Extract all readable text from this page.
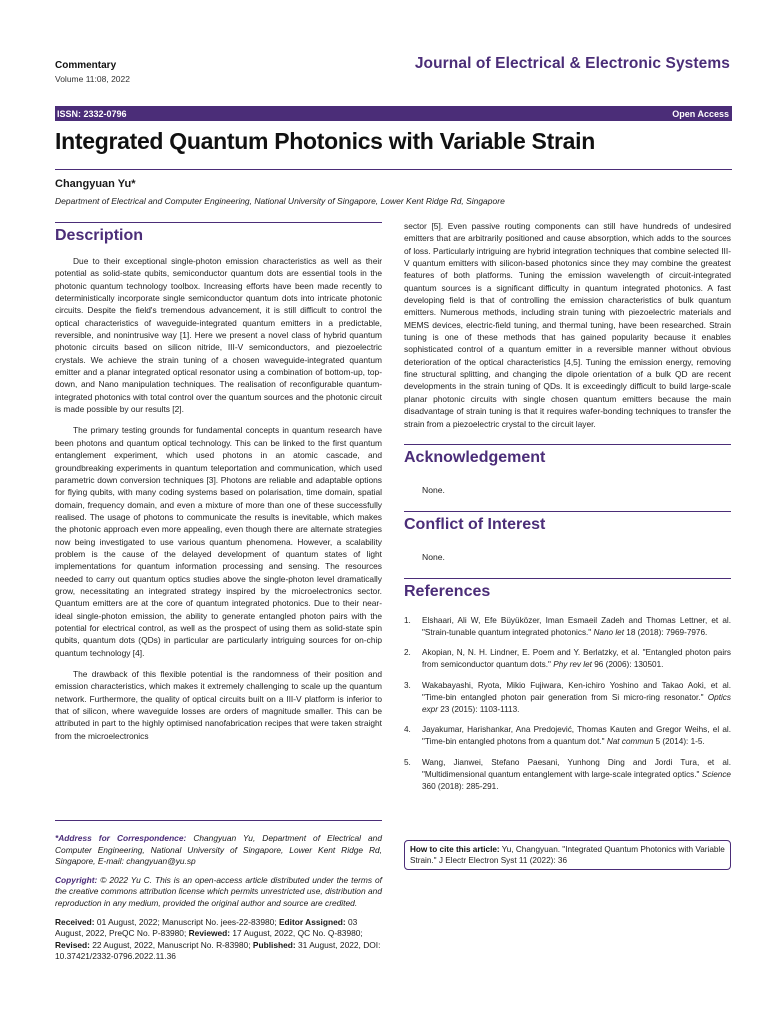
Commentary
Volume 11:08, 2022
Journal of Electrical & Electronic Systems
ISSN: 2332-0796	Open Access
Integrated Quantum Photonics with Variable Strain
Changyuan Yu*
Department of Electrical and Computer Engineering, National University of Singapore, Lower Kent Ridge Rd, Singapore
Description

Due to their exceptional single-photon emission characteristics as well as their potential as solid-state qubits, semiconductor quantum dots are essential tools in the photonic quantum technology toolbox. Increasing efforts have been made recently to deterministically incorporate single semiconductor quantum dots into intricate photonic circuits. Despite the field's tremendous advancement, it is still difficult to control the optical characteristics of waveguide-integrated quantum emitters in a predictable, reversible, and nonintrusive way [1]. Here we present a novel class of hybrid quantum photonic circuits based on silicon nitride, III-V semiconductors, and piezoelectric crystals. We achieve the strain tuning of a chosen waveguide-integrated quantum emitter and a planar integrated optical resonator using a combination of bottom-up, top-down, and Nano manipulation techniques. The realisation of reconfigurable quantum-integrated photonics with total control over the quantum sources and the photonic circuit is made possible by our results [2].

The primary testing grounds for fundamental concepts in quantum research have been photons and quantum optical technology. This can be linked to the first quantum entanglement experiment, which used photons in an atomic cascade, and groundbreaking experiments in quantum teleportation and communication, which used parametric down conversion techniques [3]. Photons are reliable and adaptable options for flying qubits, with many coding systems based on polarisation, time domain, spatial domain, frequency domain, and even a mixture of more than one of these successfully realised. The usage of photons to communicate the results is inevitable, which makes the photonic approach even more appealing, even though there are alternate strategies now being investigated to use various quantum phenomena. However, a scalability problem is the cause of the delayed development of quantum states of light implementations for quantum information processing and sensing. The resources needed to carry out quantum optics studies above the single-photon level dramatically grow, necessitating an integrated strategy inspired by the microelectronics sector. Quantum emitters are at the core of quantum integrated photonics. Due to their near-ideal single-photon emission, the ability to generate entangled photon pairs with the potential for electrical control, as well as the prospect of using them as solid-state spin qubits, quantum dots (QDs) in particular are particularly intriguing sources for on-chip quantum technology [4].

The drawback of this flexible potential is the randomness of their position and emission characteristics, which makes it extremely challenging to scale up the quantum network. Furthermore, the quality of optical circuits built on a III-V platform is inferior to that of silicon, where waveguide losses are orders of magnitude smaller. This can be attributed in part to the highly optimised nanofabrication recipes that were taken straight from the microelectronics

sector [5]. Even passive routing components can still have hundreds of undesired emitters that are arbitrarily positioned and cause absorption, which adds to the sources of loss. Particularly intriguing are hybrid integration techniques that combine selected III-V quantum emitters with silicon-based photonics since they may combine the greatest features of both platforms. Tuning the emission wavelength of circuit-integrated quantum sources is a significant difficulty in quantum integrated photonics. A fast developing field is that of controlling the emission characteristics of bulk quantum emitters. Numerous methods, including strain tuning with piezoelectric materials and MEMS devices, electric-field tuning, and thermal tuning, have been researched. Strain tuning is one of these methods that has gained popularity because it enables sophisticated control of a quantum emitter in a reversible manner without obvious deterioration of the optical characteristics [4,5]. Tuning the emission energy, removing fine structural splitting, and changing the dipole orientation of a bulk QD are recent developments in the strain tuning of QDs. It is exceedingly difficult to build large-scale planar photonic circuits with single chosen quantum emitters because the main disadvantage of strain tuning is that it requires wafer-bonding techniques to transfer the strain from a piezoelectric crystal to the circuit layer.

Acknowledgement

None.

Conflict of Interest

None.

References
1. Elshaari, Ali W, Efe Büyüközer, Iman Esmaeil Zadeh and Thomas Lettner, et al. "Strain-tunable quantum integrated photonics." Nano let 18 (2018): 7969-7976.
2. Akopian, N, N. H. Lindner, E. Poem and Y. Berlatzky, et al. "Entangled photon pairs from semiconductor quantum dots." Phy rev let 96 (2006): 130501.
3. Wakabayashi, Ryota, Mikio Fujiwara, Ken-ichiro Yoshino and Takao Aoki, et al. "Time-bin entangled photon pair generation from Si micro-ring resonator." Optics expr 23 (2015): 1103-1113.
4. Jayakumar, Harishankar, Ana Predojević, Thomas Kauten and Gregor Weihs, el al. "Time-bin entangled photons from a quantum dot." Nat commun 5 (2014): 1-5.
5. Wang, Jianwei, Stefano Paesani, Yunhong Ding and Jordi Tura, et al. "Multidimensional quantum entanglement with large-scale integrated optics." Science 360 (2018): 285-291.
How to cite this article: Yu, Changyuan. "Integrated Quantum Photonics with Variable Strain." J Electr Electron Syst 11 (2022): 36
*Address for Correspondence: Changyuan Yu, Department of Electrical and Computer Engineering, National University of Singapore, Lower Kent Ridge Rd, Singapore, E-mail: changyuan@yu.sp
Copyright: © 2022 Yu C. This is an open-access article distributed under the terms of the creative commons attribution license which permits unrestricted use, distribution and reproduction in any medium, provided the original author and source are credited.
Received: 01 August, 2022; Manuscript No. jees-22-83980; Editor Assigned: 03 August, 2022, PreQC No. P-83980; Reviewed: 17 August, 2022, QC No. Q-83980; Revised: 22 August, 2022, Manuscript No. R-83980; Published: 31 August, 2022, DOI: 10.37421/2332-0796.2022.11.36
